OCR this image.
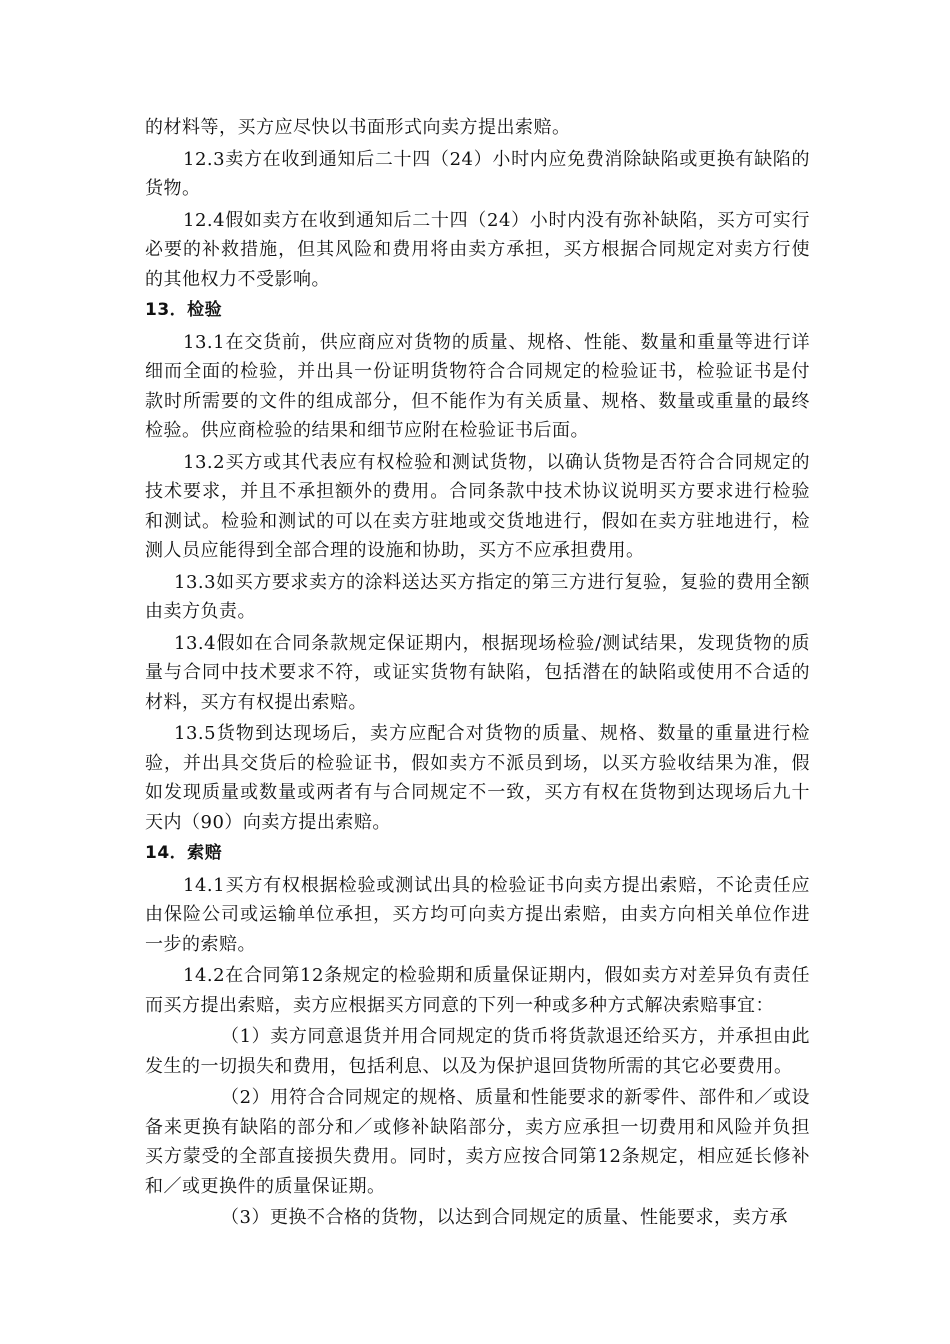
的材料等，买方应尽快以书面形式向卖方提出索赔。

12.3卖方在收到通知后二十四（24）小时内应免费消除缺陷或更换有缺陷的货物。

12.4假如卖方在收到通知后二十四（24）小时内没有弥补缺陷，买方可实行必要的补救措施，但其风险和费用将由卖方承担，买方根据合同规定对卖方行使的其他权力不受影响。

13．检验

13.1在交货前，供应商应对货物的质量、规格、性能、数量和重量等进行详细而全面的检验，并出具一份证明货物符合合同规定的检验证书，检验证书是付款时所需要的文件的组成部分，但不能作为有关质量、规格、数量或重量的最终检验。供应商检验的结果和细节应附在检验证书后面。

13.2买方或其代表应有权检验和测试货物，以确认货物是否符合合同规定的技术要求，并且不承担额外的费用。合同条款中技术协议说明买方要求进行检验和测试。检验和测试的可以在卖方驻地或交货地进行，假如在卖方驻地进行，检测人员应能得到全部合理的设施和协助，买方不应承担费用。

13.3如买方要求卖方的涂料送达买方指定的第三方进行复验，复验的费用全额由卖方负责。

13.4假如在合同条款规定保证期内，根据现场检验/测试结果，发现货物的质量与合同中技术要求不符，或证实货物有缺陷，包括潜在的缺陷或使用不合适的材料，买方有权提出索赔。

13.5货物到达现场后，卖方应配合对货物的质量、规格、数量的重量进行检验，并出具交货后的检验证书，假如卖方不派员到场，以买方验收结果为准，假如发现质量或数量或两者有与合同规定不一致，买方有权在货物到达现场后九十天内（90）向卖方提出索赔。

14．索赔

14.1买方有权根据检验或测试出具的检验证书向卖方提出索赔，不论责任应由保险公司或运输单位承担，买方均可向卖方提出索赔，由卖方向相关单位作进一步的索赔。

14.2在合同第12条规定的检验期和质量保证期内，假如卖方对差异负有责任而买方提出索赔，卖方应根据买方同意的下列一种或多种方式解决索赔事宜：

（1）卖方同意退货并用合同规定的货币将货款退还给买方，并承担由此发生的一切损失和费用，包括利息、以及为保护退回货物所需的其它必要费用。

（2）用符合合同规定的规格、质量和性能要求的新零件、部件和／或设备来更换有缺陷的部分和／或修补缺陷部分，卖方应承担一切费用和风险并负担买方蒙受的全部直接损失费用。同时，卖方应按合同第12条规定，相应延长修补和／或更换件的质量保证期。

（3）更换不合格的货物，以达到合同规定的质量、性能要求，卖方承
